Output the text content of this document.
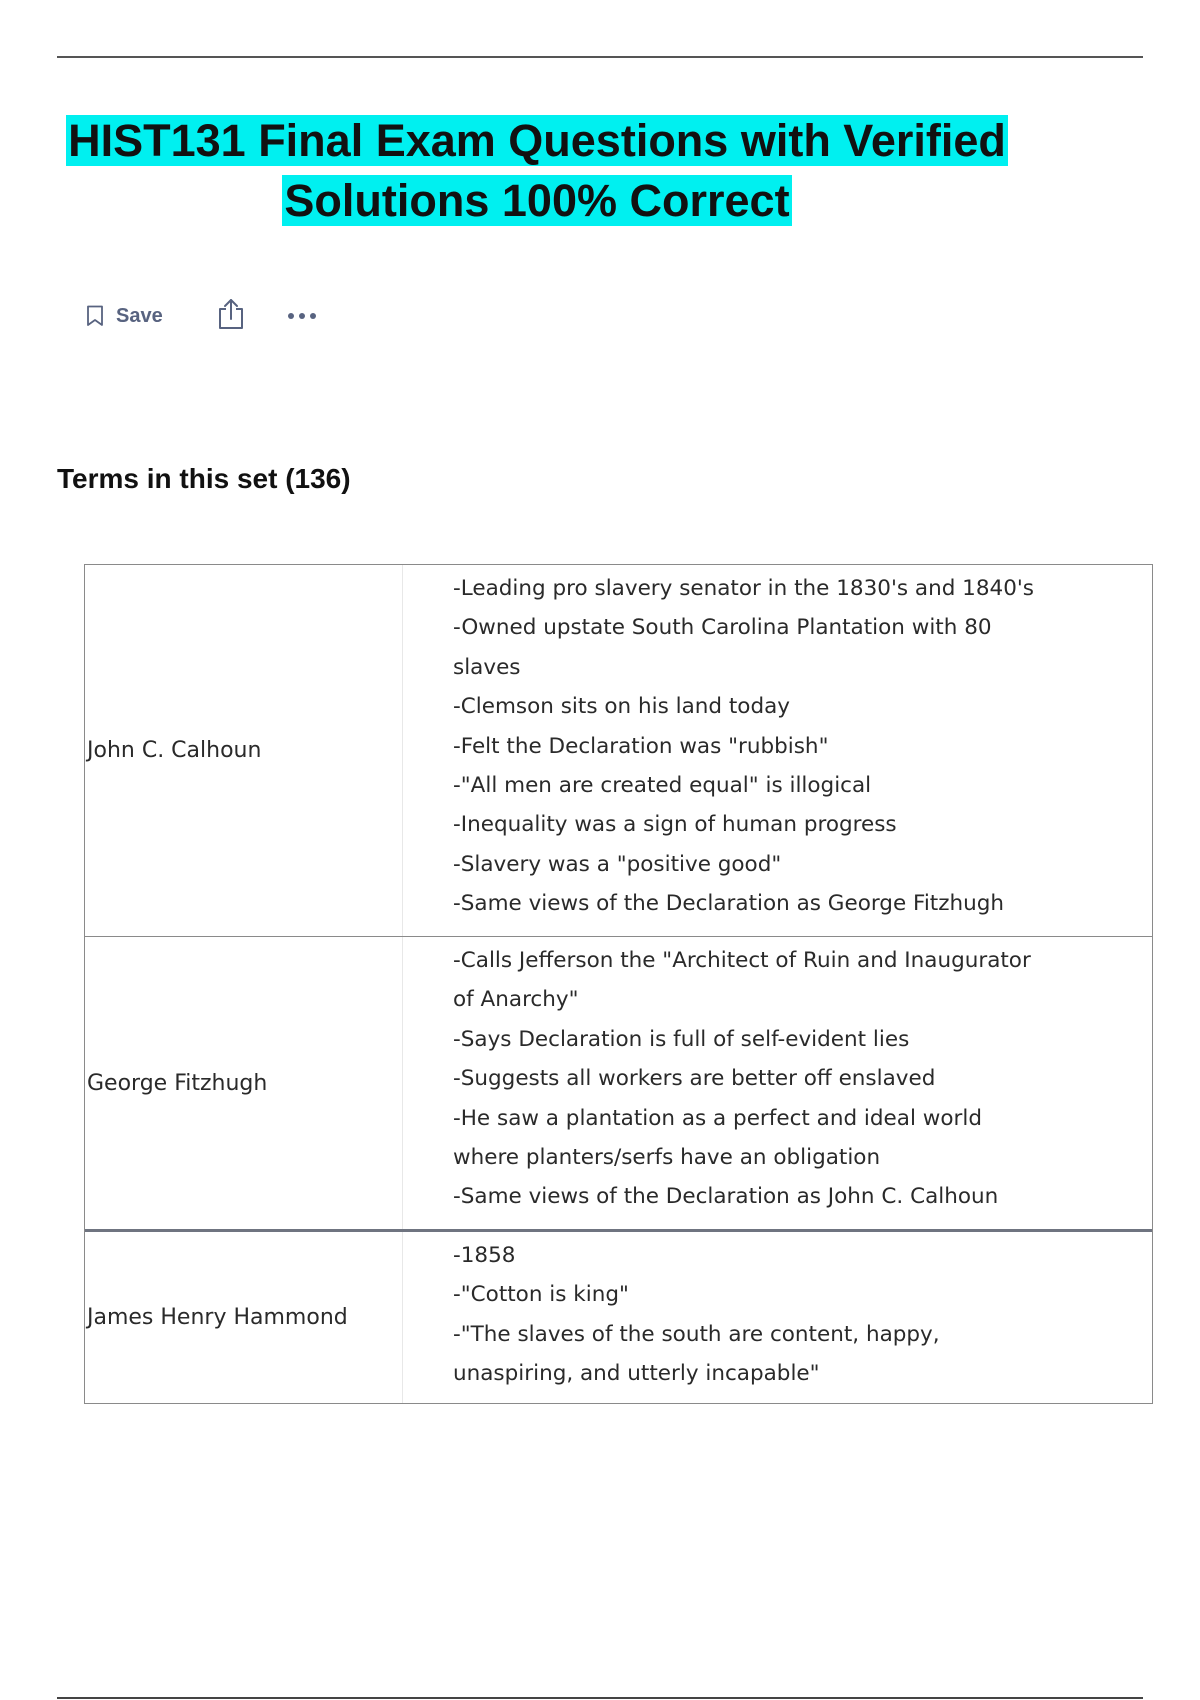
HIST131 Final Exam Questions with Verified Solutions 100% Correct
Save
Terms in this set (136)
John C. Calhoun
-Leading pro slavery senator in the 1830's and 1840's
-Owned upstate South Carolina Plantation with 80
slaves
-Clemson sits on his land today
-Felt the Declaration was "rubbish"
-"All men are created equal" is illogical
-Inequality was a sign of human progress
-Slavery was a "positive good"
-Same views of the Declaration as George Fitzhugh
George Fitzhugh
-Calls Jefferson the "Architect of Ruin and Inaugurator
of Anarchy"
-Says Declaration is full of self-evident lies
-Suggests all workers are better off enslaved
-He saw a plantation as a perfect and ideal world
where planters/serfs have an obligation
-Same views of the Declaration as John C. Calhoun
James Henry Hammond
-1858
-"Cotton is king"
-"The slaves of the south are content, happy,
unaspiring, and utterly incapable"
